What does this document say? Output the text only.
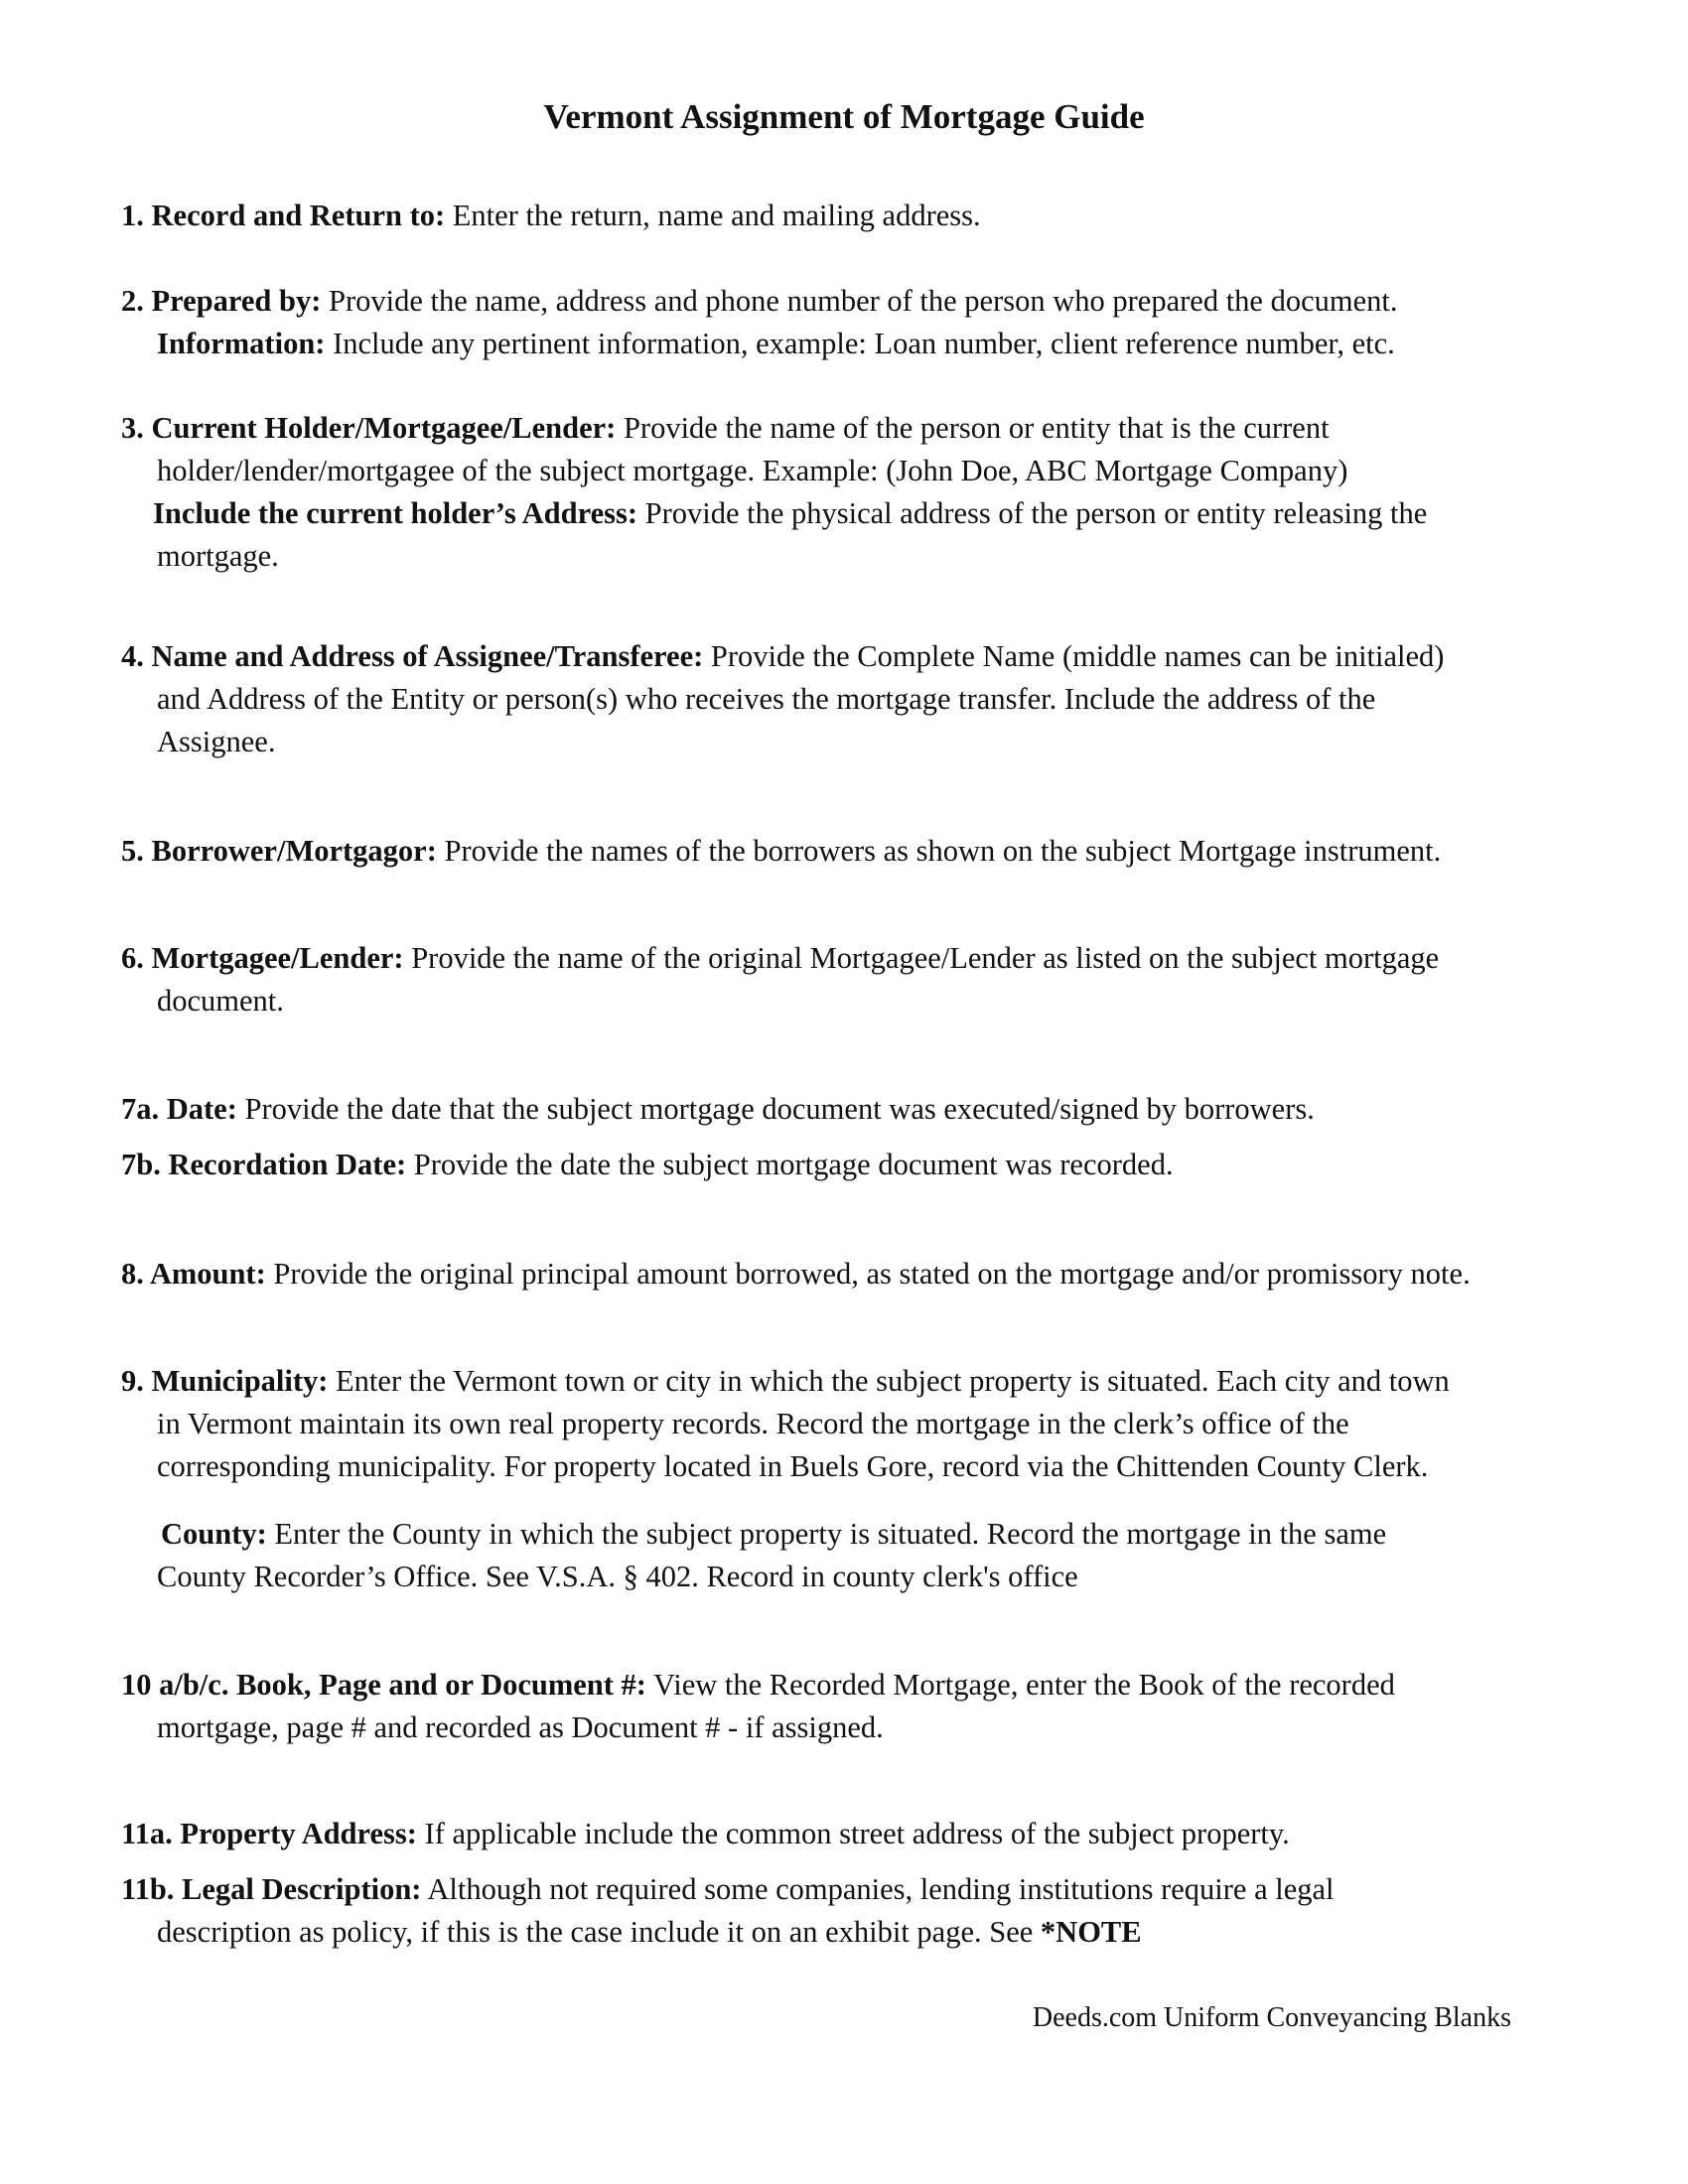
Vermont Assignment of Mortgage Guide
1. Record and Return to: Enter the return, name and mailing address.
2. Prepared by: Provide the name, address and phone number of the person who prepared the document.
Information: Include any pertinent information, example: Loan number, client reference number, etc.
3. Current Holder/Mortgagee/Lender: Provide the name of the person or entity that is the current
holder/lender/mortgagee of the subject mortgage. Example: (John Doe, ABC Mortgage Company)
Include the current holder’s Address: Provide the physical address of the person or entity releasing the
mortgage.
4. Name and Address of Assignee/Transferee: Provide the Complete Name (middle names can be initialed)
and Address of the Entity or person(s) who receives the mortgage transfer. Include the address of the
Assignee.
5. Borrower/Mortgagor: Provide the names of the borrowers as shown on the subject Mortgage instrument.
6. Mortgagee/Lender: Provide the name of the original Mortgagee/Lender as listed on the subject mortgage
document.
7a. Date: Provide the date that the subject mortgage document was executed/signed by borrowers.
7b. Recordation Date: Provide the date the subject mortgage document was recorded.
8. Amount: Provide the original principal amount borrowed, as stated on the mortgage and/or promissory note.
9. Municipality: Enter the Vermont town or city in which the subject property is situated. Each city and town
in Vermont maintain its own real property records. Record the mortgage in the clerk’s office of the
corresponding municipality. For property located in Buels Gore, record via the Chittenden County Clerk.
County: Enter the County in which the subject property is situated. Record the mortgage in the same
County Recorder’s Office. See V.S.A. § 402. Record in county clerk's office
10 a/b/c. Book, Page and or Document #: View the Recorded Mortgage, enter the Book of the recorded
mortgage, page # and recorded as Document # - if assigned.
11a. Property Address: If applicable include the common street address of the subject property.
11b. Legal Description: Although not required some companies, lending institutions require a legal
description as policy, if this is the case include it on an exhibit page. See *NOTE
Deeds.com Uniform Conveyancing Blanks
